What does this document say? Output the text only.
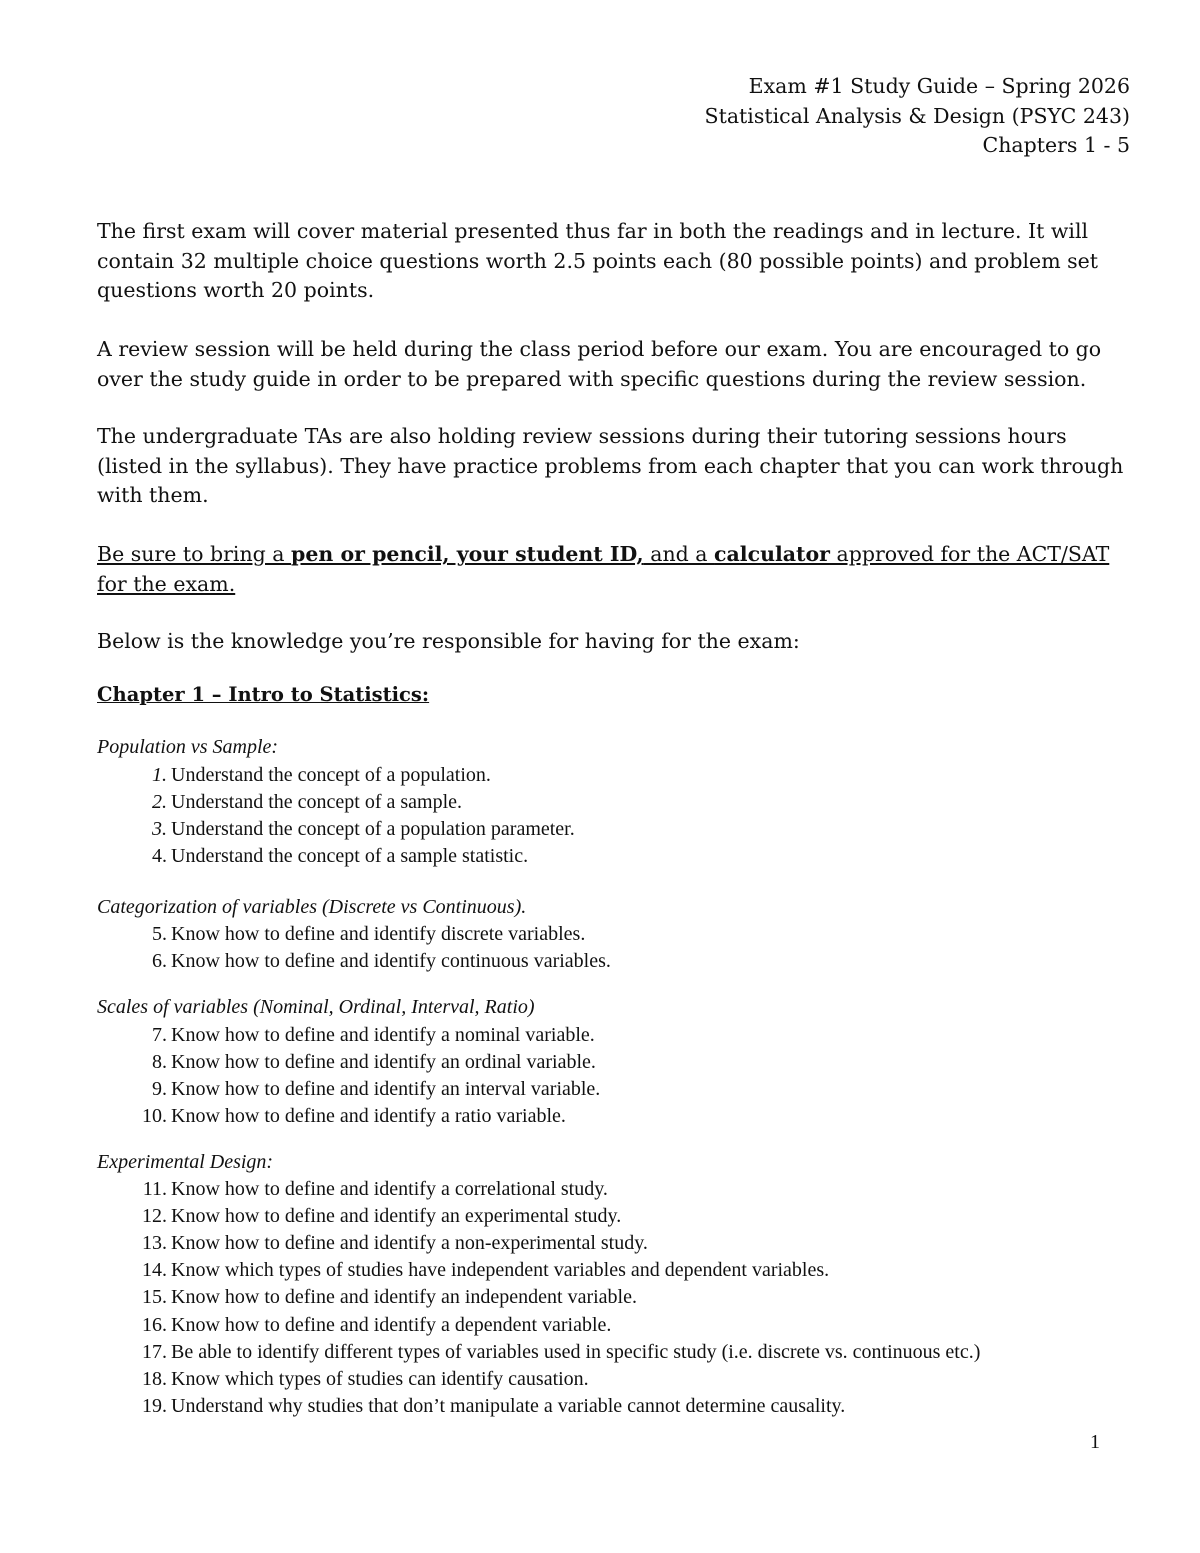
Exam #1 Study Guide – Spring 2026
Statistical Analysis & Design (PSYC 243)
Chapters 1 - 5
The first exam will cover material presented thus far in both the readings and in lecture. It will contain 32 multiple choice questions worth 2.5 points each (80 possible points) and problem set questions worth 20 points.
A review session will be held during the class period before our exam. You are encouraged to go over the study guide in order to be prepared with specific questions during the review session.
The undergraduate TAs are also holding review sessions during their tutoring sessions hours (listed in the syllabus). They have practice problems from each chapter that you can work through with them.
Be sure to bring a pen or pencil, your student ID, and a calculator approved for the ACT/SAT for the exam.
Below is the knowledge you’re responsible for having for the exam:
Chapter 1 – Intro to Statistics:
Population vs Sample:
1. Understand the concept of a population.
2. Understand the concept of a sample.
3. Understand the concept of a population parameter.
4. Understand the concept of a sample statistic.
Categorization of variables (Discrete vs Continuous).
5. Know how to define and identify discrete variables.
6. Know how to define and identify continuous variables.
Scales of variables (Nominal, Ordinal, Interval, Ratio)
7. Know how to define and identify a nominal variable.
8. Know how to define and identify an ordinal variable.
9. Know how to define and identify an interval variable.
10. Know how to define and identify a ratio variable.
Experimental Design:
11. Know how to define and identify a correlational study.
12. Know how to define and identify an experimental study.
13. Know how to define and identify a non-experimental study.
14. Know which types of studies have independent variables and dependent variables.
15. Know how to define and identify an independent variable.
16. Know how to define and identify a dependent variable.
17. Be able to identify different types of variables used in specific study (i.e. discrete vs. continuous etc.)
18. Know which types of studies can identify causation.
19. Understand why studies that don’t manipulate a variable cannot determine causality.
1
